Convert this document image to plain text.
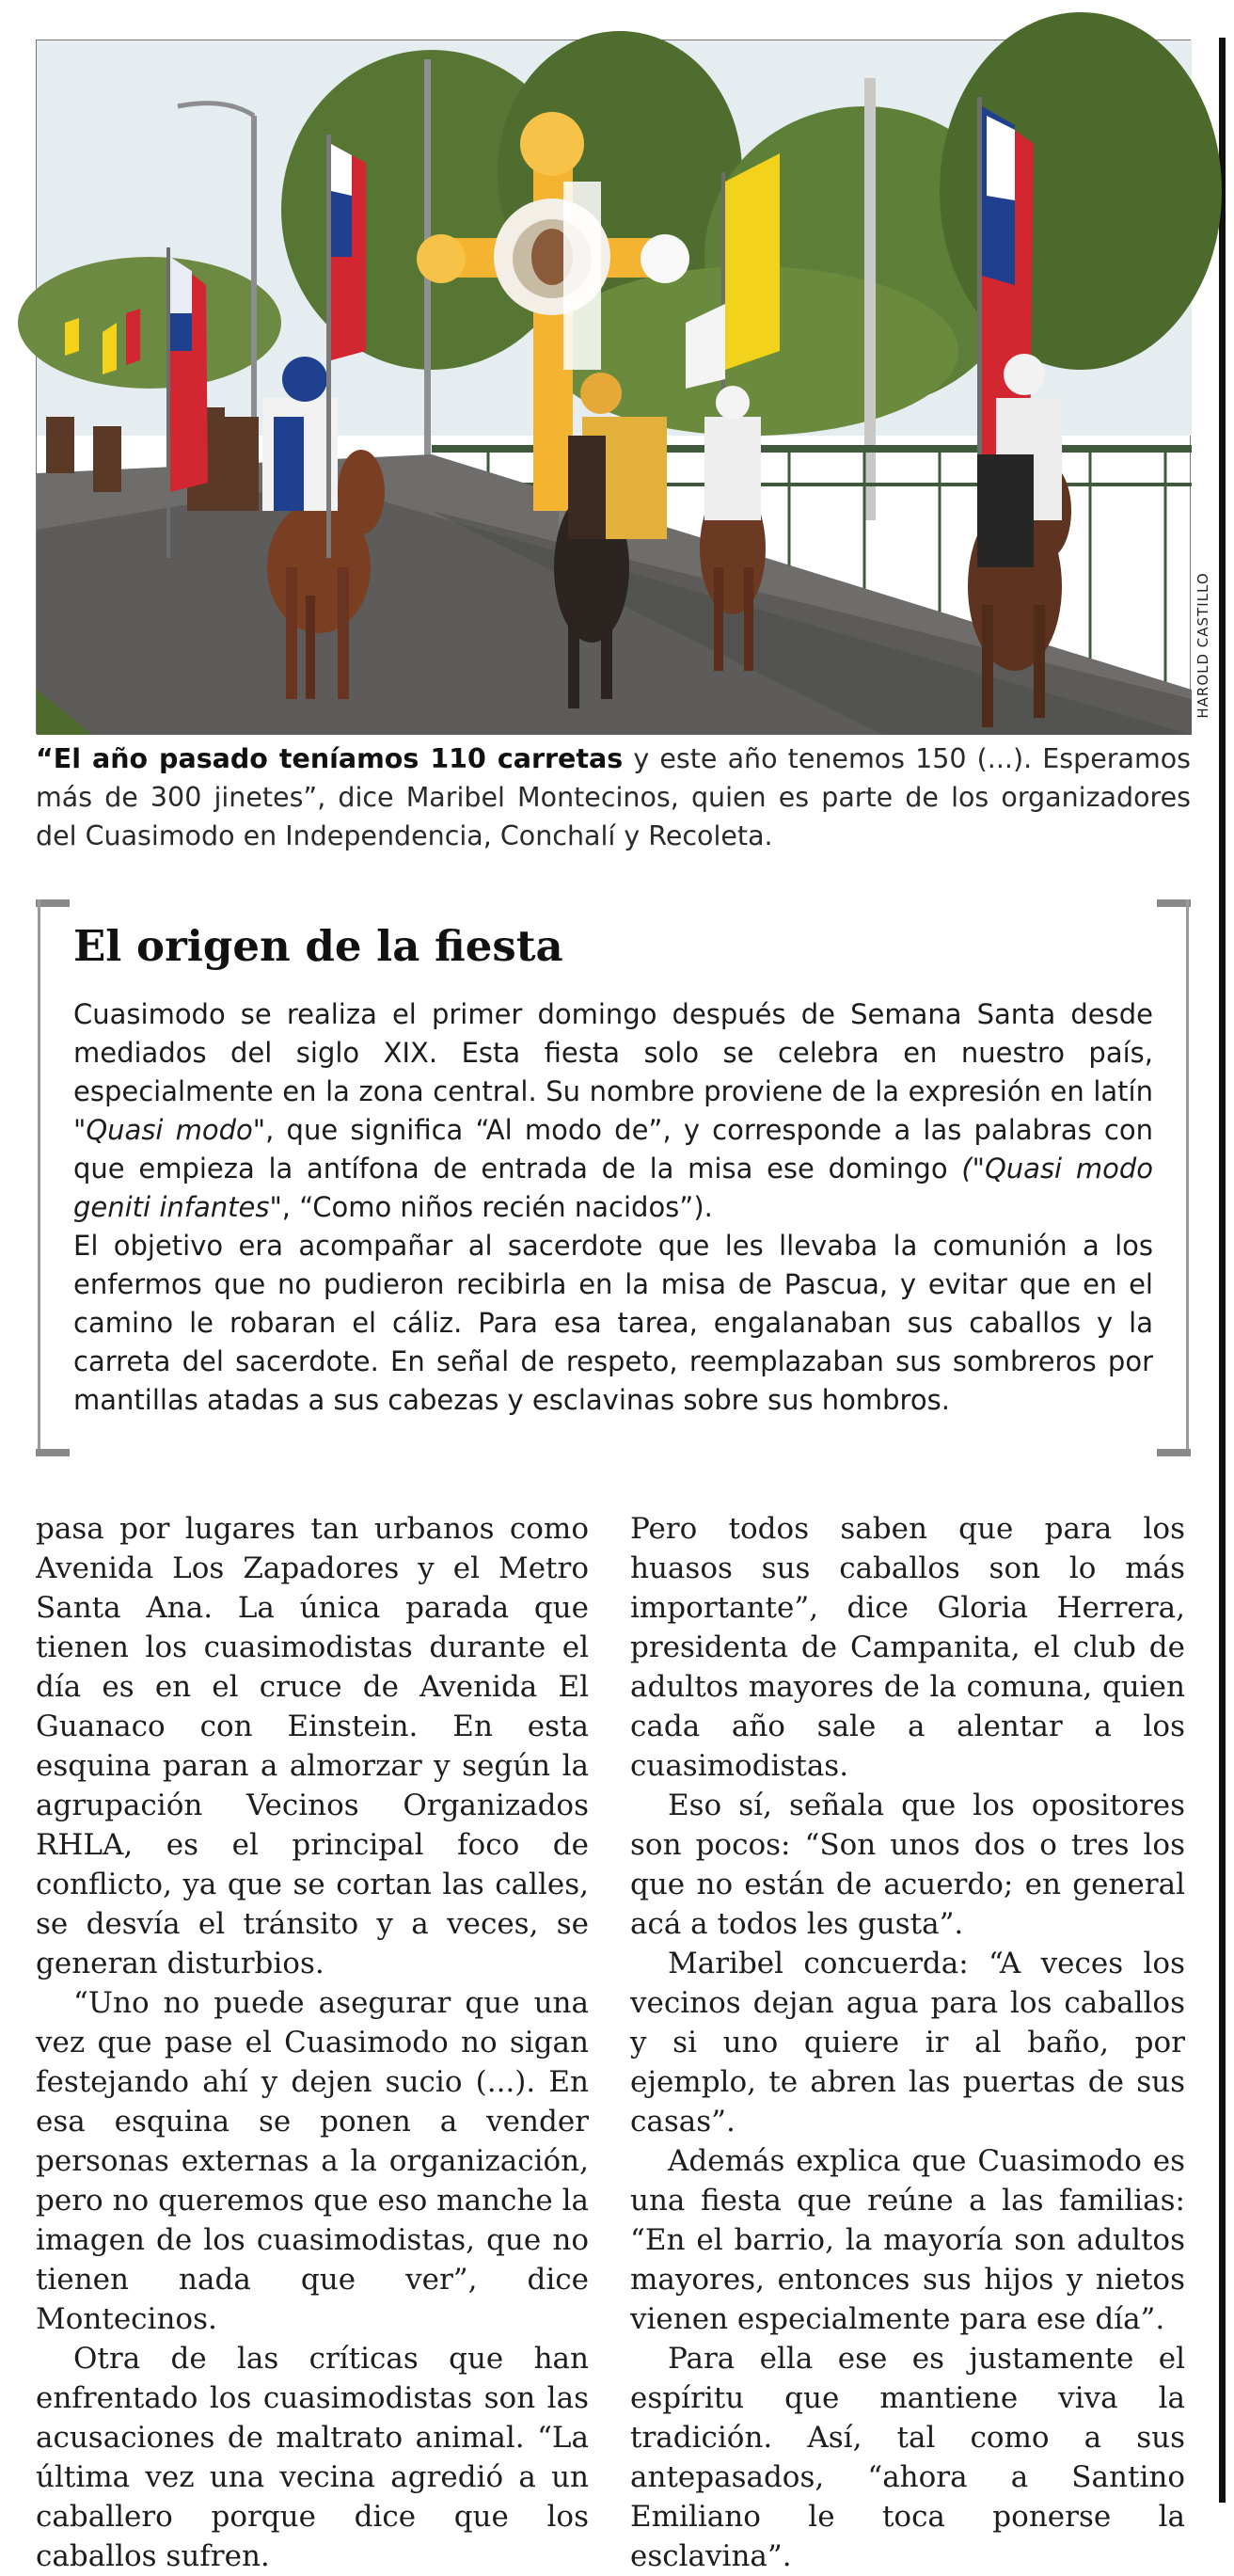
HAROLD CASTILLO
“El año pasado teníamos 110 carretas y este año tenemos 150 (...). Esperamos más de 300 jinetes”, dice Maribel Montecinos, quien es parte de los organizadores del Cuasimodo en Independencia, Conchalí y Recoleta.
El origen de la fiesta

Cuasimodo se realiza el primer domingo después de Semana Santa desde mediados del siglo XIX. Esta fiesta solo se celebra en nuestro país, especialmente en la zona central. Su nombre proviene de la expresión en latín "Quasi modo", que significa “Al modo de”, y corresponde a las palabras con que empieza la antífona de entrada de la misa ese domingo ("Quasi modo geniti infantes", “Como niños recién nacidos”).

El objetivo era acompañar al sacerdote que les llevaba la comunión a los enfermos que no pudieron recibirla en la misa de Pascua, y evitar que en el camino le robaran el cáliz. Para esa tarea, engalanaban sus caballos y la carreta del sacerdote. En señal de respeto, reemplazaban sus sombreros por mantillas atadas a sus cabezas y esclavinas sobre sus hombros.

pasa por lugares tan urbanos como Avenida Los Zapadores y el Metro Santa Ana. La única parada que tienen los cuasimodistas durante el día es en el cruce de Avenida El Guanaco con Einstein. En esta esquina paran a almorzar y según la agrupación Vecinos Organizados RHLA, es el principal foco de conflicto, ya que se cortan las calles, se desvía el tránsito y a veces, se generan disturbios.

“Uno no puede asegurar que una vez que pase el Cuasimodo no sigan festejando ahí y dejen sucio (...). En esa esquina se ponen a vender personas externas a la organización, pero no queremos que eso manche la imagen de los cuasimodistas, que no tienen nada que ver”, dice Montecinos.

Otra de las críticas que han enfrentado los cuasimodistas son las acusaciones de maltrato animal. “La última vez una vecina agredió a un caballero porque dice que los caballos sufren.

Pero todos saben que para los huasos sus caballos son lo más importante”, dice Gloria Herrera, presidenta de Campanita, el club de adultos mayores de la comuna, quien cada año sale a alentar a los cuasimodistas.

Eso sí, señala que los opositores son pocos: “Son unos dos o tres los que no están de acuerdo; en general acá a todos les gusta”.

Maribel concuerda: “A veces los vecinos dejan agua para los caballos y si uno quiere ir al baño, por ejemplo, te abren las puertas de sus casas”.

Además explica que Cuasimodo es una fiesta que reúne a las familias: “En el barrio, la mayoría son adultos mayores, entonces sus hijos y nietos vienen especialmente para ese día”.

Para ella ese es justamente el espíritu que mantiene viva la tradición. Así, tal como a sus antepasados, “ahora a Santino Emiliano le toca ponerse la esclavina”.
